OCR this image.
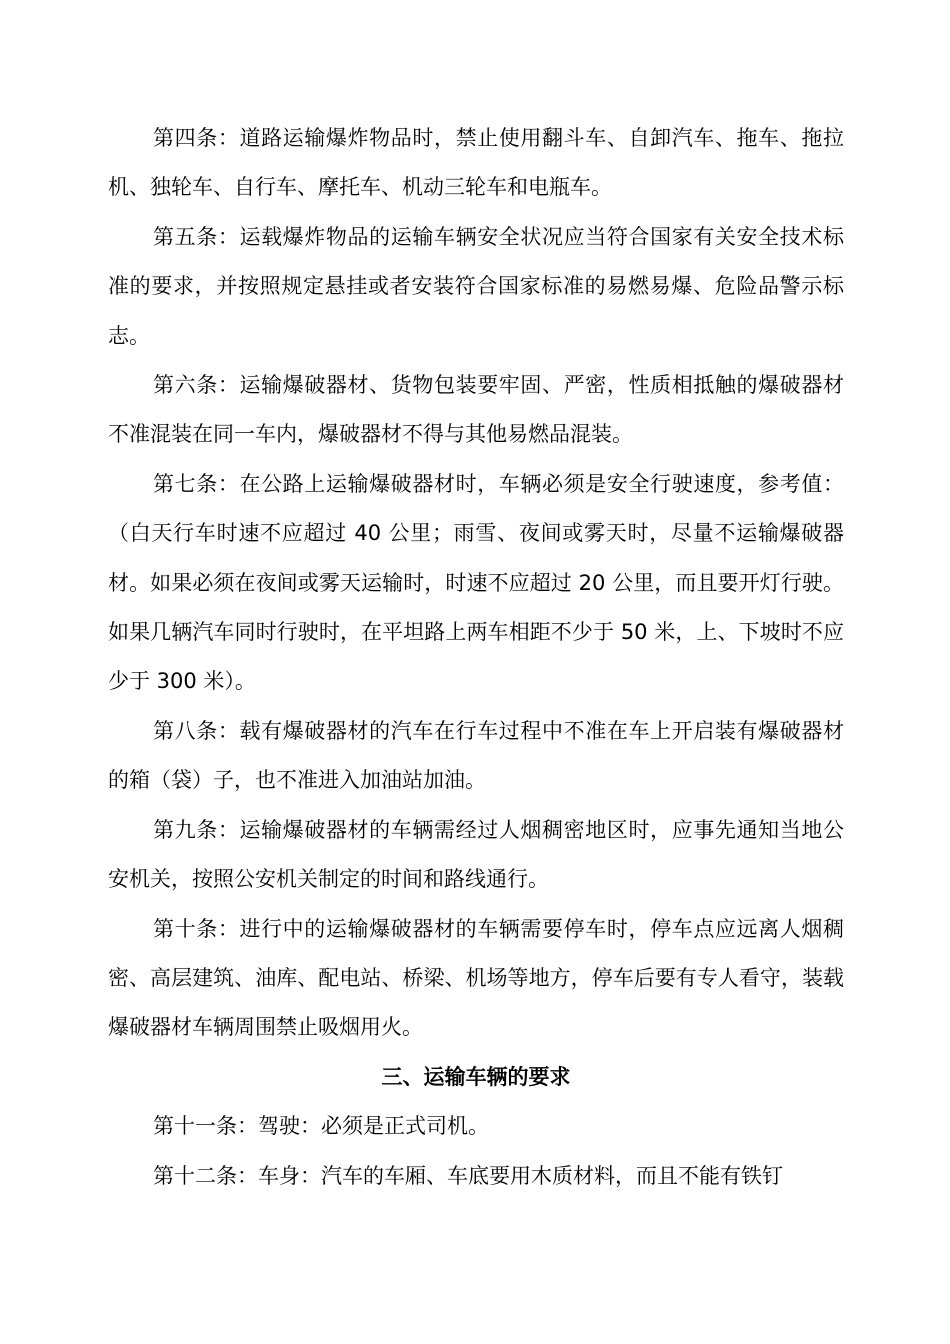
第四条：道路运输爆炸物品时，禁止使用翻斗车、自卸汽车、拖车、拖拉机、独轮车、自行车、摩托车、机动三轮车和电瓶车。

第五条：运载爆炸物品的运输车辆安全状况应当符合国家有关安全技术标准的要求，并按照规定悬挂或者安装符合国家标准的易燃易爆、危险品警示标志。

第六条：运输爆破器材、货物包装要牢固、严密，性质相抵触的爆破器材不准混装在同一车内，爆破器材不得与其他易燃品混装。

第七条：在公路上运输爆破器材时，车辆必须是安全行驶速度，参考值：（白天行车时速不应超过 40 公里；雨雪、夜间或雾天时，尽量不运输爆破器材。如果必须在夜间或雾天运输时，时速不应超过 20 公里，而且要开灯行驶。如果几辆汽车同时行驶时，在平坦路上两车相距不少于 50 米，上、下坡时不应少于 300 米）。

第八条：载有爆破器材的汽车在行车过程中不准在车上开启装有爆破器材的箱（袋）子，也不准进入加油站加油。

第九条：运输爆破器材的车辆需经过人烟稠密地区时，应事先通知当地公安机关，按照公安机关制定的时间和路线通行。

第十条：进行中的运输爆破器材的车辆需要停车时，停车点应远离人烟稠密、高层建筑、油库、配电站、桥梁、机场等地方，停车后要有专人看守，装载爆破器材车辆周围禁止吸烟用火。

三、运输车辆的要求

第十一条：驾驶：必须是正式司机。

第十二条：车身：汽车的车厢、车底要用木质材料，而且不能有铁钉
